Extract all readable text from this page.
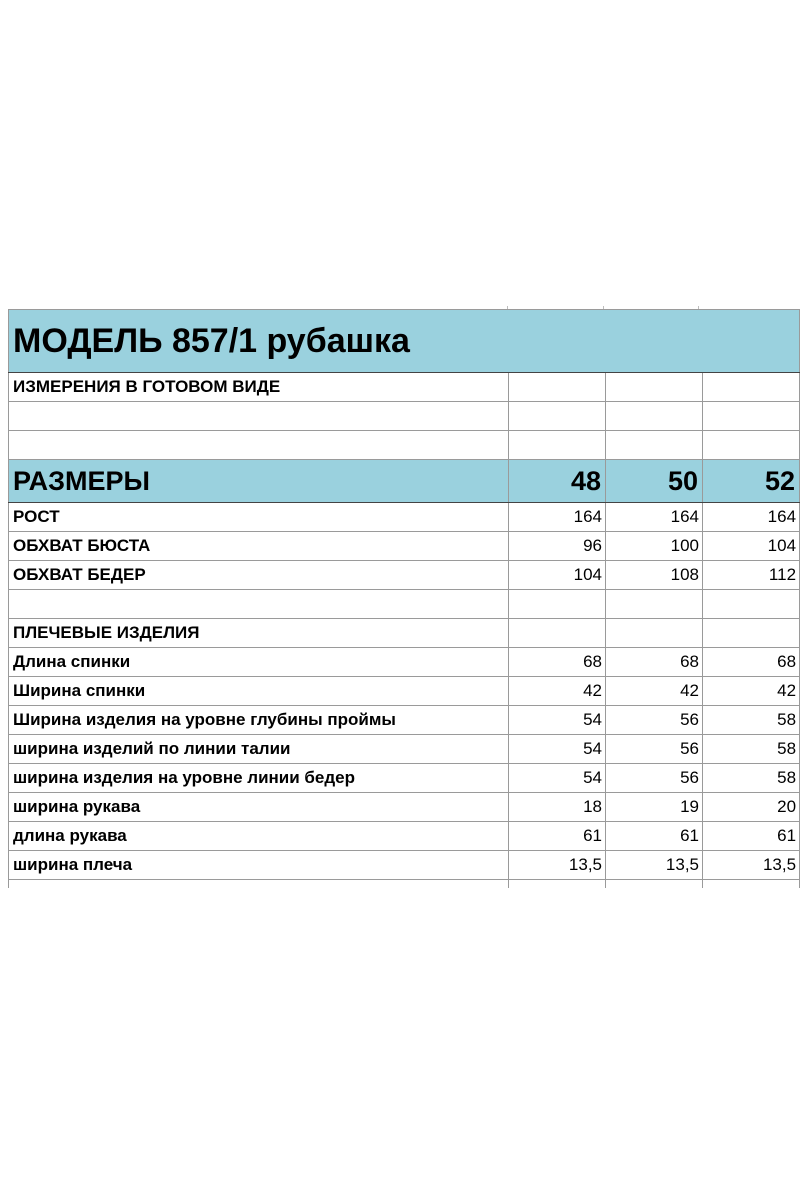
МОДЕЛЬ 857/1 рубашка			
ИЗМЕРЕНИЯ В ГОТОВОМ ВИДЕ			

РАЗМЕРЫ	48	50	52
РОСТ	164	164	164
ОБХВАТ БЮСТА	96	100	104
ОБХВАТ БЕДЕР	104	108	112

ПЛЕЧЕВЫЕ ИЗДЕЛИЯ			
Длина спинки	68	68	68
Ширина спинки	42	42	42
Ширина изделия на уровне глубины проймы	54	56	58
ширина изделий по линии талии	54	56	58
ширина изделия на уровне линии бедер	54	56	58
ширина рукава	18	19	20
длина рукава	61	61	61
ширина плеча	13,5	13,5	13,5
